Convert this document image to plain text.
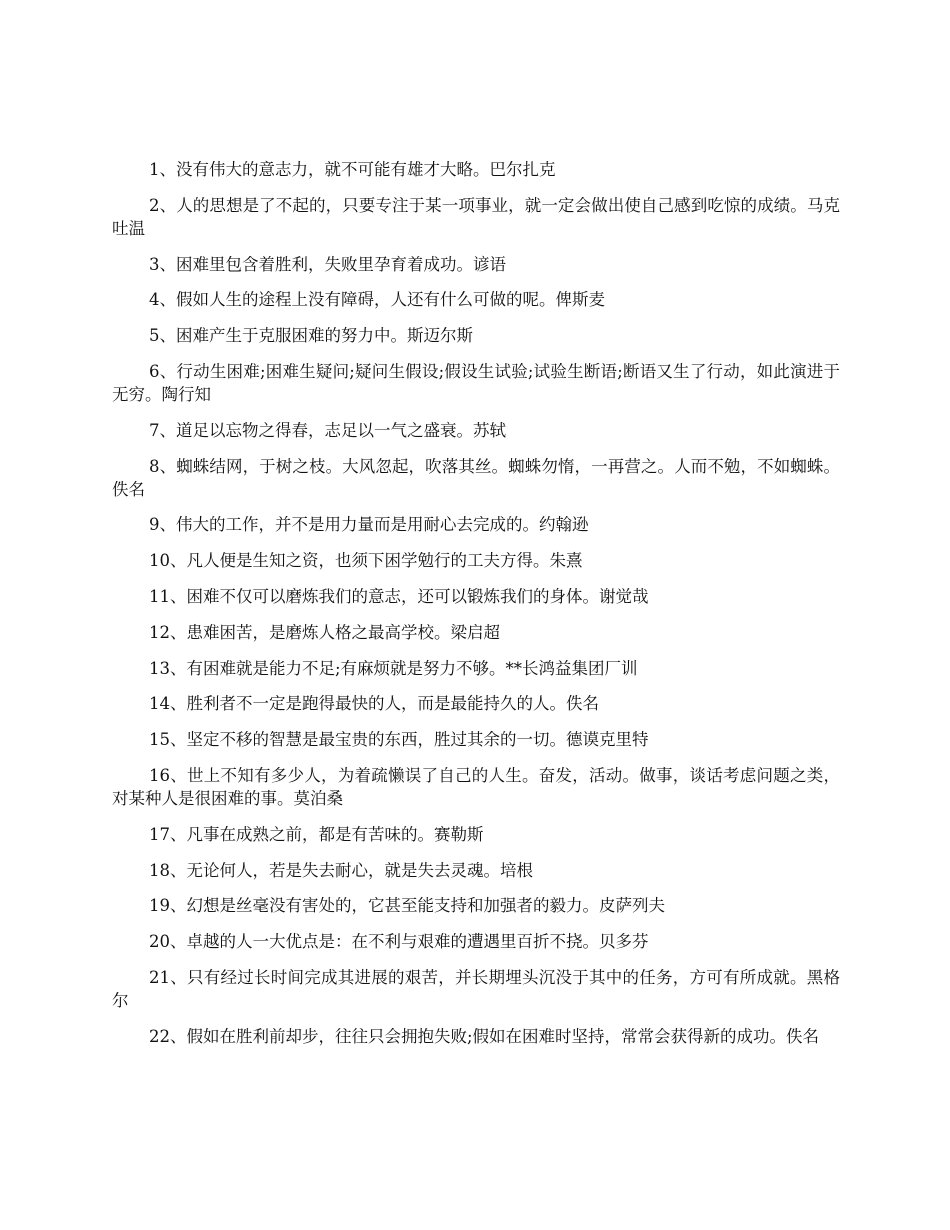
1、没有伟大的意志力，就不可能有雄才大略。巴尔扎克
2、人的思想是了不起的，只要专注于某一项事业，就一定会做出使自己感到吃惊的成绩。马克吐温
3、困难里包含着胜利，失败里孕育着成功。谚语
4、假如人生的途程上没有障碍，人还有什么可做的呢。俾斯麦
5、困难产生于克服困难的努力中。斯迈尔斯
6、行动生困难;困难生疑问;疑问生假设;假设生试验;试验生断语;断语又生了行动，如此演进于无穷。陶行知
7、道足以忘物之得春，志足以一气之盛衰。苏轼
8、蜘蛛结网，于树之枝。大风忽起，吹落其丝。蜘蛛勿惰，一再营之。人而不勉，不如蜘蛛。佚名
9、伟大的工作，并不是用力量而是用耐心去完成的。约翰逊
10、凡人便是生知之资，也须下困学勉行的工夫方得。朱熹
11、困难不仅可以磨炼我们的意志，还可以锻炼我们的身体。谢觉哉
12、患难困苦，是磨炼人格之最高学校。梁启超
13、有困难就是能力不足;有麻烦就是努力不够。**长鸿益集团厂训
14、胜利者不一定是跑得最快的人，而是最能持久的人。佚名
15、坚定不移的智慧是最宝贵的东西，胜过其余的一切。德谟克里特
16、世上不知有多少人，为着疏懒误了自己的人生。奋发，活动。做事，谈话考虑问题之类，对某种人是很困难的事。莫泊桑
17、凡事在成熟之前，都是有苦味的。赛勒斯
18、无论何人，若是失去耐心，就是失去灵魂。培根
19、幻想是丝毫没有害处的，它甚至能支持和加强者的毅力。皮萨列夫
20、卓越的人一大优点是：在不利与艰难的遭遇里百折不挠。贝多芬
21、只有经过长时间完成其进展的艰苦，并长期埋头沉没于其中的任务，方可有所成就。黑格尔
22、假如在胜利前却步，往往只会拥抱失败;假如在困难时坚持，常常会获得新的成功。佚名
